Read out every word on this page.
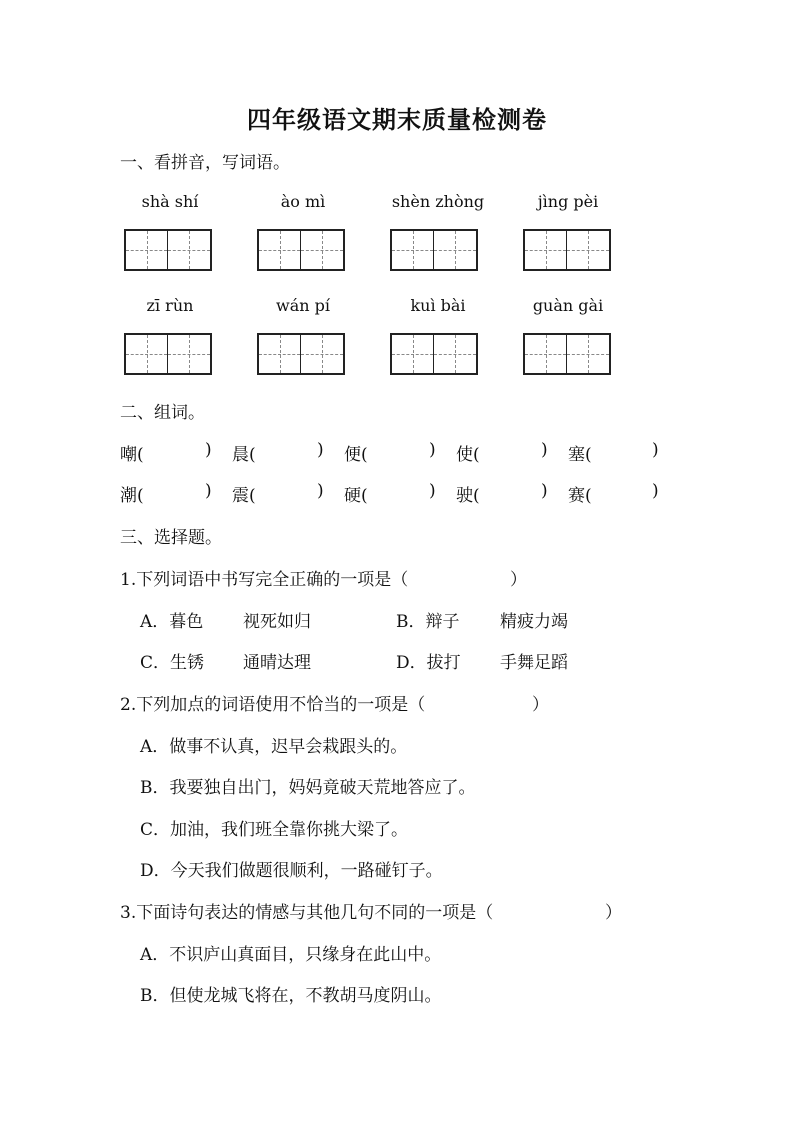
四年级语文期末质量检测卷
一、看拼音，写词语。
shà shí	ào mì	shèn zhòng	jìng pèi
zī rùn	wán pí	kuì bài	guàn gài
二、组词。
嘲(	) 晨(	) 便(	) 使(	) 塞(	)
潮(	) 震(	) 硬(	) 驶(	) 赛(	)
三、选择题。
1.下列词语中书写完全正确的一项是（	）
A．暮色 视死如归	B．辩子 精疲力竭
C．生锈 通晴达理	D．拔打 手舞足蹈
2.下列加点的词语使用不恰当的一项是（	）
A．做事不认真，迟早会栽跟头的。
B．我要独自出门，妈妈竟破天荒地答应了。
C．加油，我们班全靠你挑大梁了。
D．今天我们做题很顺利，一路碰钉子。
3.下面诗句表达的情感与其他几句不同的一项是（	）
A．不识庐山真面目，只缘身在此山中。
B．但使龙城飞将在，不教胡马度阴山。
